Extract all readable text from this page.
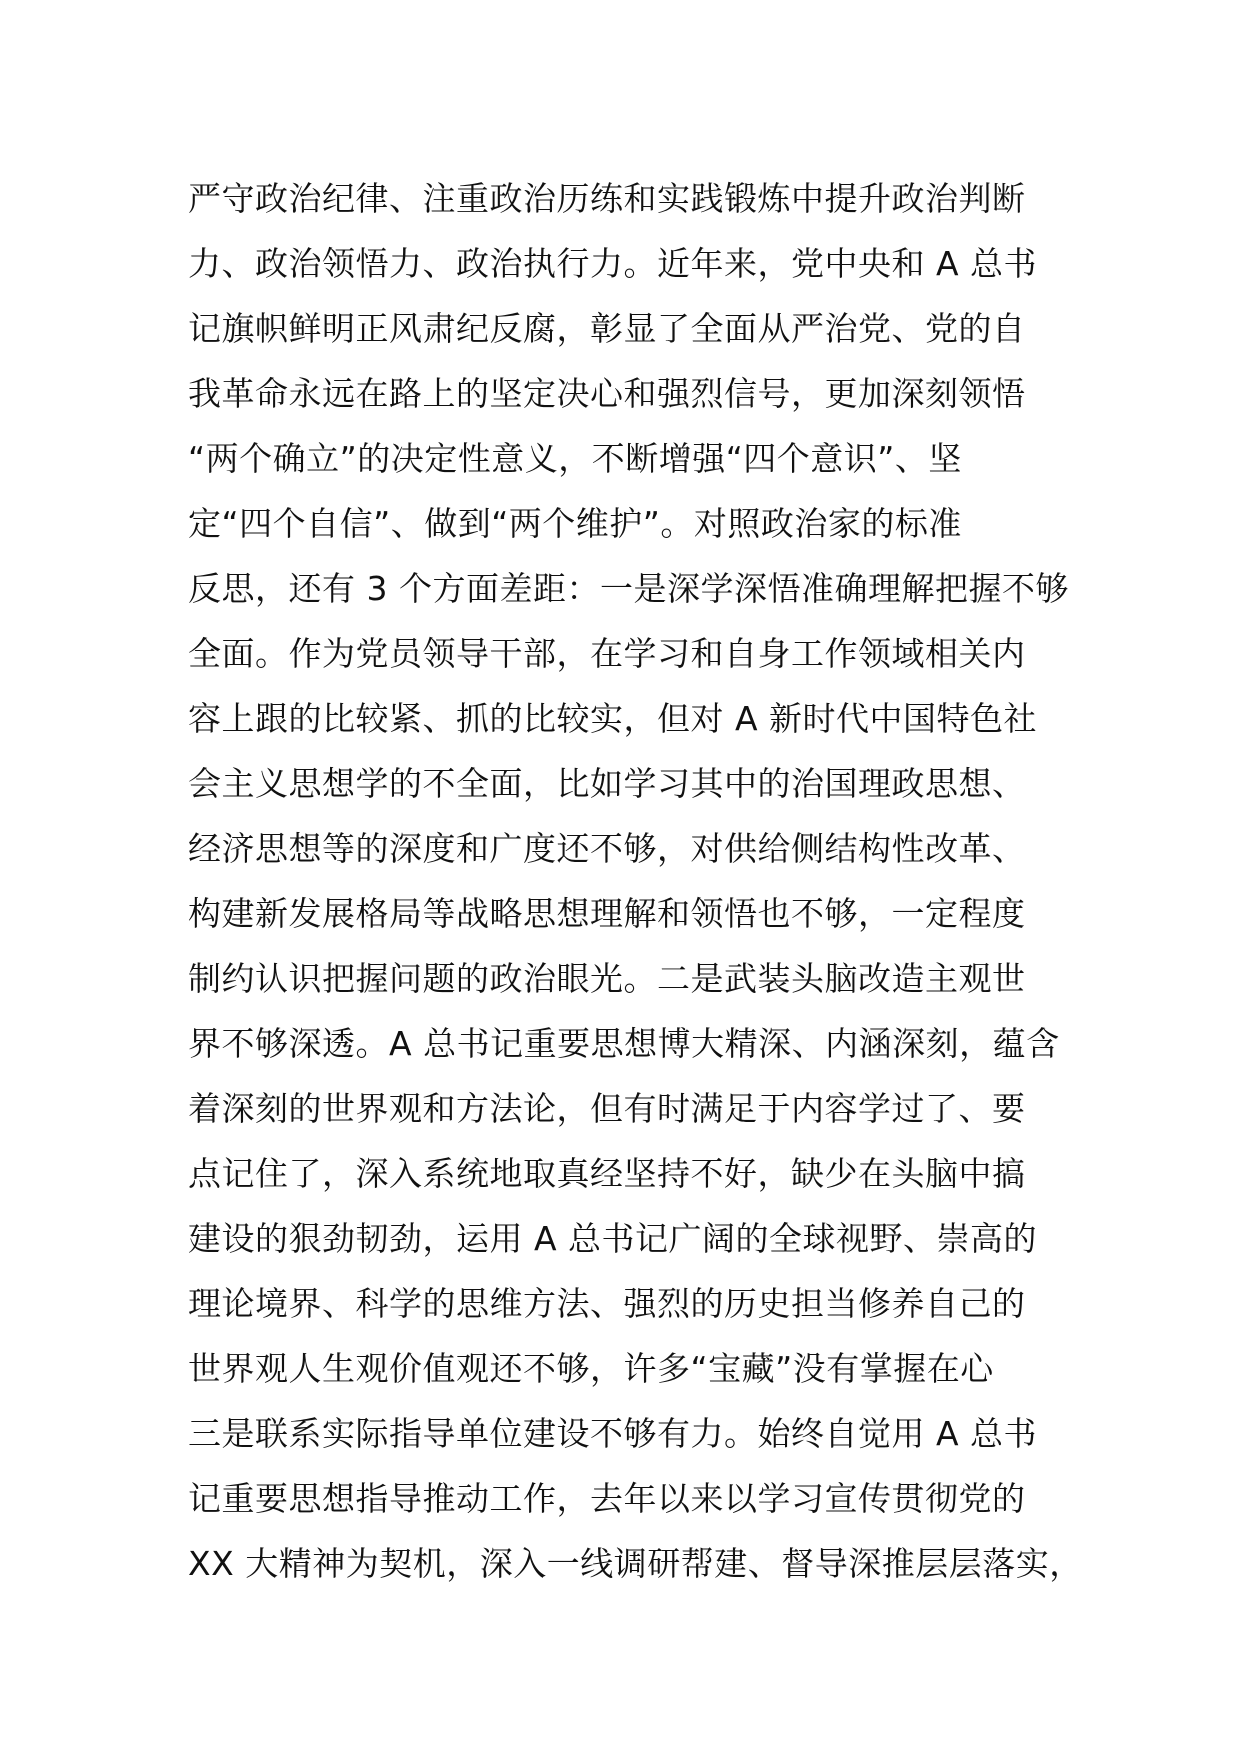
严守政治纪律、注重政治历练和实践锻炼中提升政治判断
力、政治领悟力、政治执行力。近年来，党中央和 A 总书
记旗帜鲜明正风肃纪反腐，彰显了全面从严治党、党的自
我革命永远在路上的坚定决心和强烈信号，更加深刻领悟
“两个确立”的决定性意义，不断增强“四个意识”、坚
定“四个自信”、做到“两个维护”。对照政治家的标准
反思，还有 3 个方面差距：一是深学深悟准确理解把握不够
全面。作为党员领导干部，在学习和自身工作领域相关内
容上跟的比较紧、抓的比较实，但对 A 新时代中国特色社
会主义思想学的不全面，比如学习其中的治国理政思想、
经济思想等的深度和广度还不够，对供给侧结构性改革、
构建新发展格局等战略思想理解和领悟也不够，一定程度
制约认识把握问题的政治眼光。二是武装头脑改造主观世
界不够深透。A 总书记重要思想博大精深、内涵深刻，蕴含
着深刻的世界观和方法论，但有时满足于内容学过了、要
点记住了，深入系统地取真经坚持不好，缺少在头脑中搞
建设的狠劲韧劲，运用 A 总书记广阔的全球视野、崇高的
理论境界、科学的思维方法、强烈的历史担当修养自己的
世界观人生观价值观还不够，许多“宝藏”没有掌握在心
三是联系实际指导单位建设不够有力。始终自觉用 A 总书
记重要思想指导推动工作，去年以来以学习宣传贯彻党的
XX 大精神为契机，深入一线调研帮建、督导深推层层落实，
